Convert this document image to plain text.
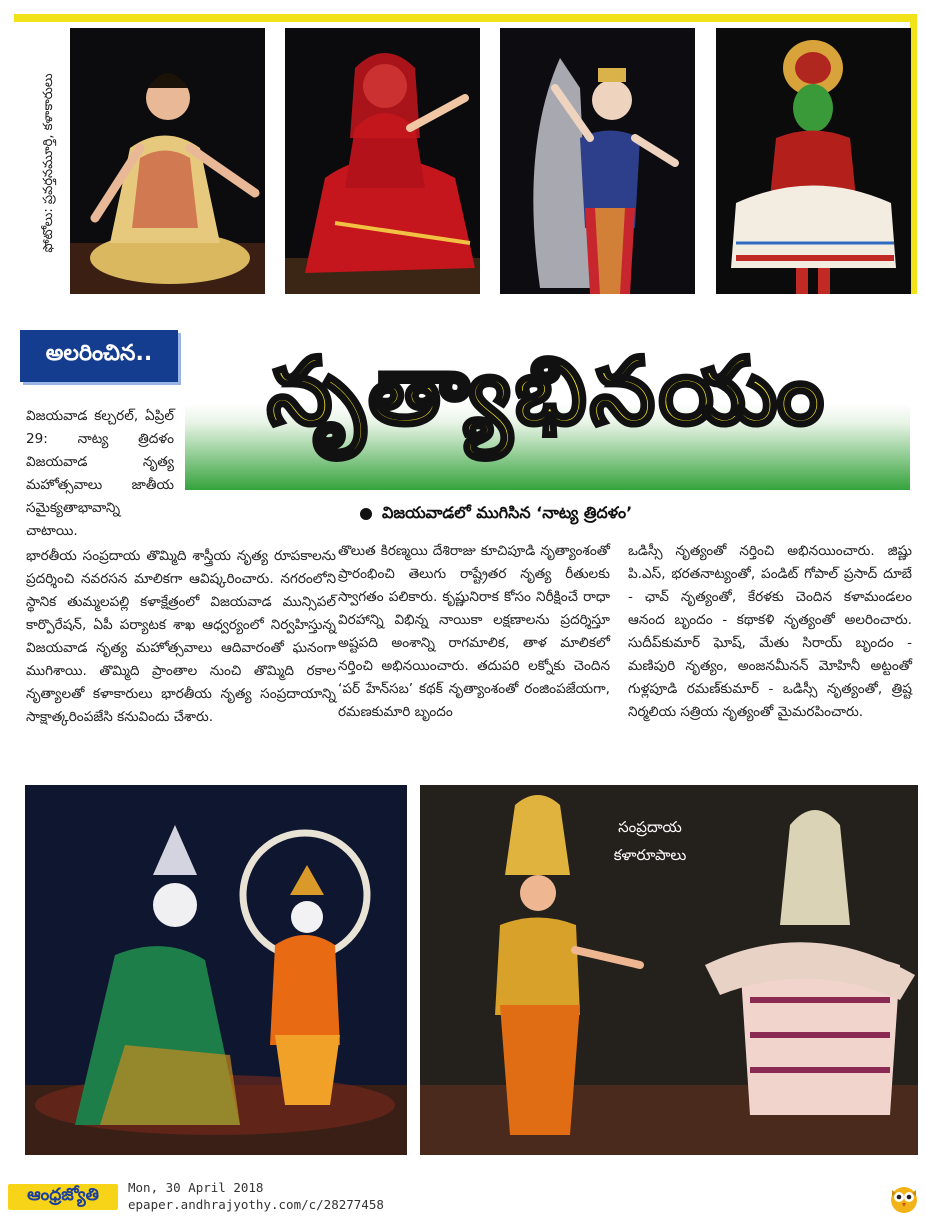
ఫోటోలు: ప్రవర్తనమూర్తి, కళాకారులు
అలరించిన..	నృత్యాభినయం
విజయవాడలో ముగిసిన ‘నాట్య త్రిదళం’
విజయవాడ కల్చరల్, ఏప్రిల్ 29: నాట్య త్రిదళం విజయవాడ నృత్య మహోత్సవాలు జాతీయ సమైక్యతాభావాన్ని చాటాయి.
భారతీయ సంప్రదాయ తొమ్మిది శాస్త్రీయ నృత్య రూపకాలను ప్రదర్శించి నవరసన మాలికగా ఆవిష్కరించారు. నగరంలోని స్థానిక తుమ్మలపల్లి కళాక్షేత్రంలో విజయవాడ మున్సిపల్ కార్పొరేషన్, ఏపీ పర్యాటక శాఖ ఆధ్వర్యంలో నిర్వహిస్తున్న విజయవాడ నృత్య మహోత్సవాలు ఆదివారంతో ఘనంగా ముగిశాయి. తొమ్మిది ప్రాంతాల నుంచి తొమ్మిది రకాల నృత్యాలతో కళాకారులు భారతీయ నృత్య సంప్రదాయాన్ని సాక్షాత్కరింపజేసి కనువిందు చేశారు.
తొలుత కిరణ్మయి దేశిరాజు కూచిపూడి నృత్యాంశంతో ప్రారంభించి తెలుగు రాష్ట్రేతర నృత్య రీతులకు స్వాగతం పలికారు. కృష్ణునిరాక కోసం నిరీక్షించే రాధా విరహాన్ని విభిన్న నాయికా లక్షణాలను ప్రదర్శిస్తూ అష్టపది అంశాన్ని రాగమాలిక, తాళ మాలికలో నర్తించి అభినయించారు. తదుపరి లక్నోకు చెందిన ‘పర్ హేన్‌సబ’ కథక్ నృత్యాంశంతో రంజింపజేయగా, రమణకుమారి బృందం
ఒడిస్సీ నృత్యంతో నర్తించి అభినయించారు. జిష్ణు పి.ఎస్, భరతనాట్యంతో, పండిట్ గోపాల్ ప్రసాద్ దూబే - ఛావ్ నృత్యంతో, కేరళకు చెందిన కళామండలం ఆనంద బృందం - కథాకళి నృత్యంతో అలరించారు. సుదీప్‌కుమార్ ఘోష్, మేతు సిరాయ్ బృందం - మణిపురి నృత్యం, అంజనమీనన్ మోహినీ అట్టంతో గుళ్లపూడి రమణ్‌కుమార్ - ఒడిస్సీ నృత్యంతో, త్రిష్ట నిర్మలియ సత్రియ నృత్యంతో మైమరపించారు.
సంప్రదాయ
కళారూపాలు
ఆంధ్రజ్యోతి	Mon, 30 April 2018
epaper.andhrajyothy.com/c/28277458
